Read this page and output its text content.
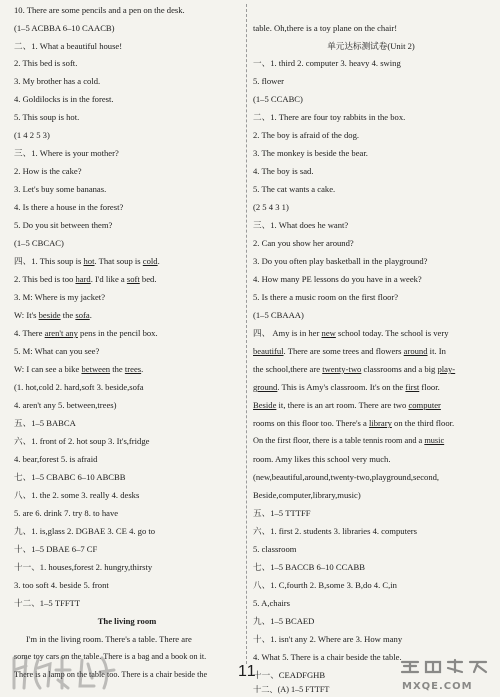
10. There are some pencils and a pen on the desk.
(1–5 ACBBA 6–10 CAACB)
二、1. What a beautiful house!
2. This bed is soft.
3. My brother has a cold.
4. Goldilocks is in the forest.
5. This soup is hot.
(1 4 2 5 3)
三、1. Where is your mother?
2. How is the cake?
3. Let's buy some bananas.
4. Is there a house in the forest?
5. Do you sit between them?
(1–5 CBCAC)
四、1. This soup is hot. That soup is cold.
2. This bed is too hard. I'd like a soft bed.
3. M: Where is my jacket?
W: It's beside the sofa.
4. There aren't any pens in the pencil box.
5. M: What can you see?
W: I can see a bike between the trees.
(1. hot,cold 2. hard,soft 3. beside,sofa
4. aren't any 5. between,trees)
五、1–5 BABCA
六、1. front of 2. hot soup 3. It's,fridge
4. bear,forest 5. is afraid
七、1–5 CBABC 6–10 ABCBB
八、1. the 2. some 3. really 4. desks
5. are 6. drink 7. try 8. to have
九、1. is,glass 2. DGBAE 3. CE 4. go to
十、1–5 DBAE 6–7 CF
十一、1. houses,forest 2. hungry,thirsty
3. too soft 4. beside 5. front
十二、1–5 TFFTT
The living room
I'm in the living room. There's a table. There are
some toy cars on the table. There is a bag and a book on it.
There is a lamp on the table too. There is a chair beside the
table. Oh,there is a toy plane on the chair!
单元达标测试卷(Unit 2)
一、1. third 2. computer 3. heavy 4. swing
5. flower
(1–5 CCABC)
二、1. There are four toy rabbits in the box.
2. The boy is afraid of the dog.
3. The monkey is beside the bear.
4. The boy is sad.
5. The cat wants a cake.
(2 5 4 3 1)
三、1. What does he want?
2. Can you show her around?
3. Do you often play basketball in the playground?
4. How many PE lessons do you have in a week?
5. Is there a music room on the first floor?
(1–5 CBAAA)
四、 Amy is in her new school today. The school is very
beautiful. There are some trees and flowers around it. In
the school,there are twenty-two classrooms and a big play-
ground. This is Amy's classroom. It's on the first floor.
Beside it, there is an art room. There are two computer
rooms on this floor too. There's a library on the third floor.
On the first floor, there is a table tennis room and a music
room. Amy likes this school very much.
(new,beautiful,around,twenty-two,playground,second,
Beside,computer,library,music)
五、1–5 TTTFF
六、1. first 2. students 3. libraries 4. computers
5. classroom
七、1–5 BACCB 6–10 CCABB
八、1. C,fourth 2. B,some 3. B,do 4. C,in
5. A,chairs
九、1–5 BCAED
十、1. isn't any 2. Where are 3. How many
4. What 5. There is a chair beside the table.
十一、CEADFGHB
十二、(A) 1–5 FTTFT
11
MXQE.COM
